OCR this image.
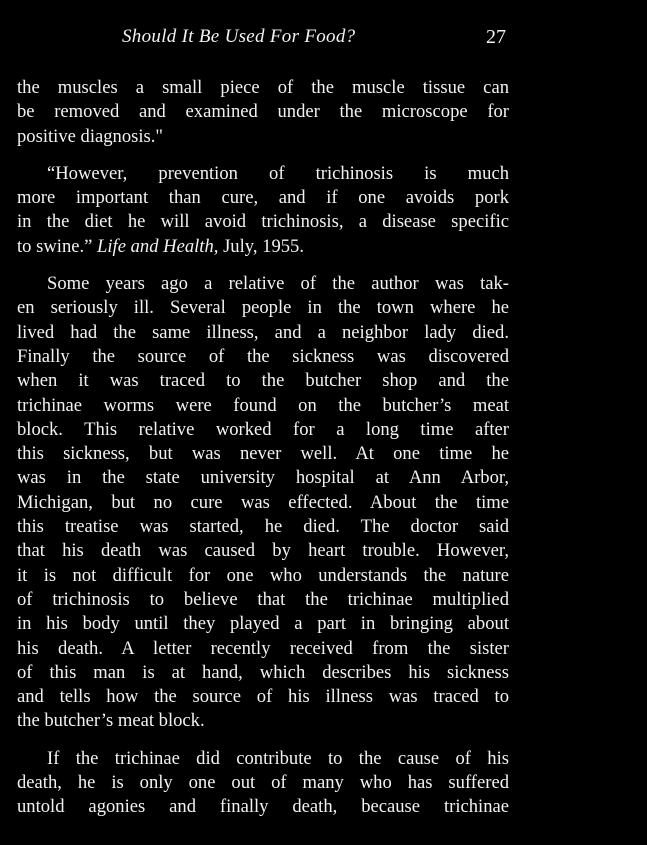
Should It Be Used For Food?	27

the muscles a small piece of the muscle tissue can
be removed and examined under the microscope for
positive diagnosis."

“However, prevention of trichinosis is much
more important than cure, and if one avoids pork
in the diet he will avoid trichinosis, a disease specific
to swine.” Life and Health, July, 1955.

Some years ago a relative of the author was tak-
en seriously ill. Several people in the town where he
lived had the same illness, and a neighbor lady died.
Finally the source of the sickness was discovered
when it was traced to the butcher shop and the
trichinae worms were found on the butcher’s meat
block. This relative worked for a long time after
this sickness, but was never well. At one time he
was in the state university hospital at Ann Arbor,
Michigan, but no cure was effected. About the time
this treatise was started, he died. The doctor said
that his death was caused by heart trouble. However,
it is not difficult for one who understands the nature
of trichinosis to believe that the trichinae multiplied
in his body until they played a part in bringing about
his death. A letter recently received from the sister
of this man is at hand, which describes his sickness
and tells how the source of his illness was traced to
the butcher’s meat block.

If the trichinae did contribute to the cause of his
death, he is only one out of many who has suffered
untold agonies and finally death, because trichinae
